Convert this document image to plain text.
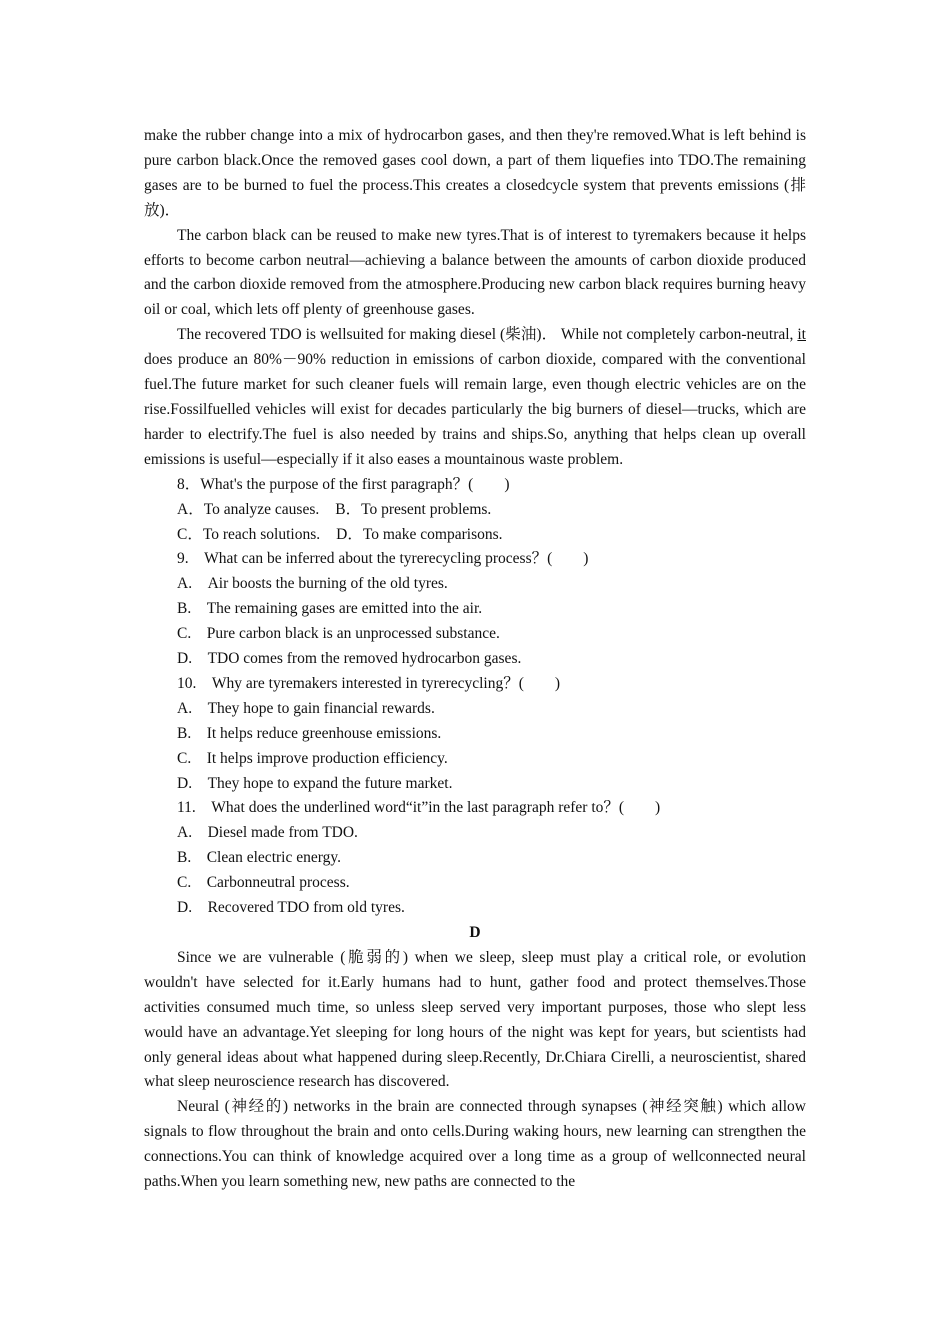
make the rubber change into a mix of hydrocarbon gases, and then they're removed.What is left behind is pure carbon black.Once the removed gases cool down, a part of them liquefies into TDO.The remaining gases are to be burned to fuel the process.This creates a closedcycle system that prevents emissions (排放)．

The carbon black can be reused to make new tyres.That is of interest to tyremakers because it helps efforts to become carbon neutral—achieving a balance between the amounts of carbon dioxide produced and the carbon dioxide removed from the atmosphere.Producing new carbon black requires burning heavy oil or coal, which lets off plenty of greenhouse gases.

The recovered TDO is wellsuited for making diesel (柴油)． While not completely carbon-neutral, it does produce an 80%－90% reduction in emissions of carbon dioxide, compared with the conventional fuel.The future market for such cleaner fuels will remain large, even though electric vehicles are on the rise.Fossilfuelled vehicles will exist for decades particularly the big burners of diesel—trucks, which are harder to electrify.The fuel is also needed by trains and ships.So, anything that helps clean up overall emissions is useful—especially if it also eases a mountainous waste problem.

8．What's the purpose of the first paragraph？(　　)

A．To analyze causes. B．To present problems.

C．To reach solutions. D．To make comparisons.

9.　What can be inferred about the tyrerecycling process？(　　)

A.　Air boosts the burning of the old tyres.

B.　The remaining gases are emitted into the air.

C.　Pure carbon black is an unprocessed substance.

D.　TDO comes from the removed hydrocarbon gases.

10.　Why are tyremakers interested in tyrerecycling？(　　)

A.　They hope to gain financial rewards.

B.　It helps reduce greenhouse emissions.

C.　It helps improve production efficiency.

D.　They hope to expand the future market.

11.　What does the underlined word“it”in the last paragraph refer to？(　　)

A.　Diesel made from TDO.

B.　Clean electric energy.

C.　Carbonneutral process.

D.　Recovered TDO from old tyres.

D

Since we are vulnerable (脆弱的) when we sleep, sleep must play a critical role, or evolution wouldn't have selected for it.Early humans had to hunt, gather food and protect themselves.Those activities consumed much time, so unless sleep served very important purposes, those who slept less would have an advantage.Yet sleeping for long hours of the night was kept for years, but scientists had only general ideas about what happened during sleep.Recently, Dr.Chiara Cirelli, a neuroscientist, shared what sleep neuroscience research has discovered.

Neural (神经的) networks in the brain are connected through synapses (神经突触) which allow signals to flow throughout the brain and onto cells.During waking hours, new learning can strengthen the connections.You can think of knowledge acquired over a long time as a group of wellconnected neural paths.When you learn something new, new paths are connected to the
